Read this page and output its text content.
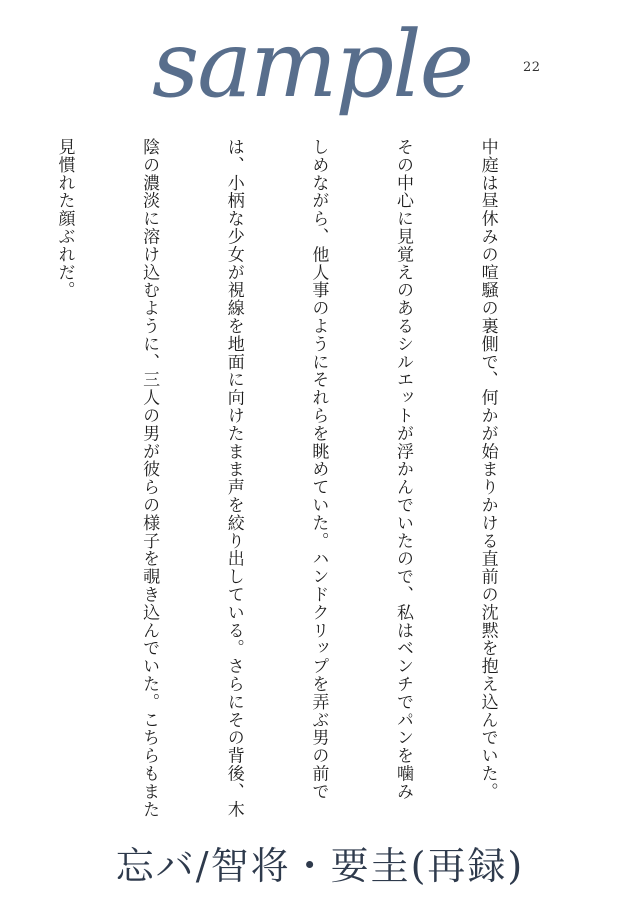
sample	22

中庭は昼休みの喧騒の裏側で、何かが始まりかける直前の沈黙を抱え込んでいた。

その中心に見覚えのあるシルエットが浮かんでいたので、私はベンチでパンを噛み

しめながら、他人事のようにそれらを眺めていた。ハンドクリップを弄ぶ男の前で

は、小柄な少女が視線を地面に向けたまま声を絞り出している。さらにその背後、木

陰の濃淡に溶け込むように、三人の男が彼らの様子を覗き込んでいた。こちらもまた

見慣れた顔ぶれだ。

忘バ/智将・要圭(再録)
